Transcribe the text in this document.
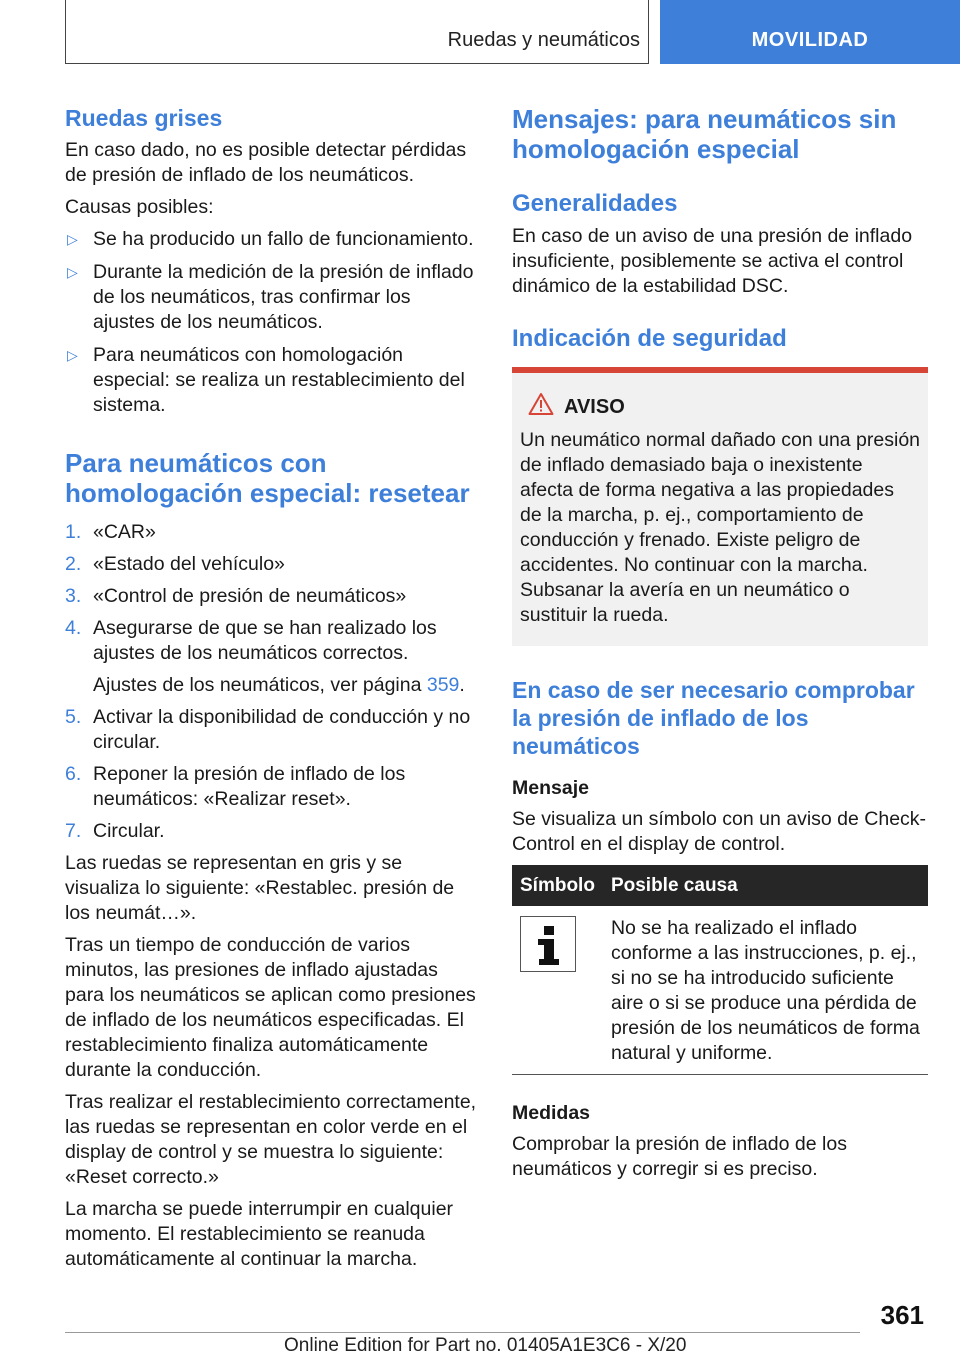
Ruedas y neumáticos	MOVILIDAD
Ruedas grises

En caso dado, no es posible detectar pérdidas de presión de inflado de los neumáticos.

Causas posibles:

▷ Se ha producido un fallo de funcionamiento.
▷ Durante la medición de la presión de inflado de los neumáticos, tras confirmar los ajustes de los neumáticos.
▷ Para neumáticos con homologación especial: se realiza un restablecimiento del sistema.
Para neumáticos con homologación especial: resetear
1. «CAR»
2. «Estado del vehículo»
3. «Control de presión de neumáticos»
4. Asegurarse de que se han realizado los ajustes de los neumáticos correctos.
Ajustes de los neumáticos, ver página 359.
5. Activar la disponibilidad de conducción y no circular.
6. Reponer la presión de inflado de los neumáticos: «Realizar reset».
7. Circular.

Las ruedas se representan en gris y se visualiza lo siguiente: «Restablec. presión de los neumát…».

Tras un tiempo de conducción de varios minutos, las presiones de inflado ajustadas para los neumáticos se aplican como presiones de inflado de los neumáticos especificadas. El restablecimiento finaliza automáticamente durante la conducción.

Tras realizar el restablecimiento correctamente, las ruedas se representan en color verde en el display de control y se muestra lo siguiente: «Reset correcto.»

La marcha se puede interrumpir en cualquier momento. El restablecimiento se reanuda automáticamente al continuar la marcha.

Mensajes: para neumáticos sin homologación especial
Generalidades

En caso de un aviso de una presión de inflado insuficiente, posiblemente se activa el control dinámico de la estabilidad DSC.

Indicación de seguridad
AVISO

Un neumático normal dañado con una presión de inflado demasiado baja o inexistente afecta de forma negativa a las propiedades de la marcha, p. ej., comportamiento de conducción y frenado. Existe peligro de accidentes. No continuar con la marcha. Subsanar la avería en un neumático o sustituir la rueda.

En caso de ser necesario comprobar la presión de inflado de los neumáticos
Mensaje

Se visualiza un símbolo con un aviso de Check-Control en el display de control.

Símbolo	Posible causa

	No se ha realizado el inflado conforme a las instrucciones, p. ej., si no se ha introducido suficiente aire o si se produce una pérdida de presión de los neumáticos de forma natural y uniforme.
Medidas

Comprobar la presión de inflado de los neumáticos y corregir si es preciso.

361
Online Edition for Part no. 01405A1E3C6 - X/20
